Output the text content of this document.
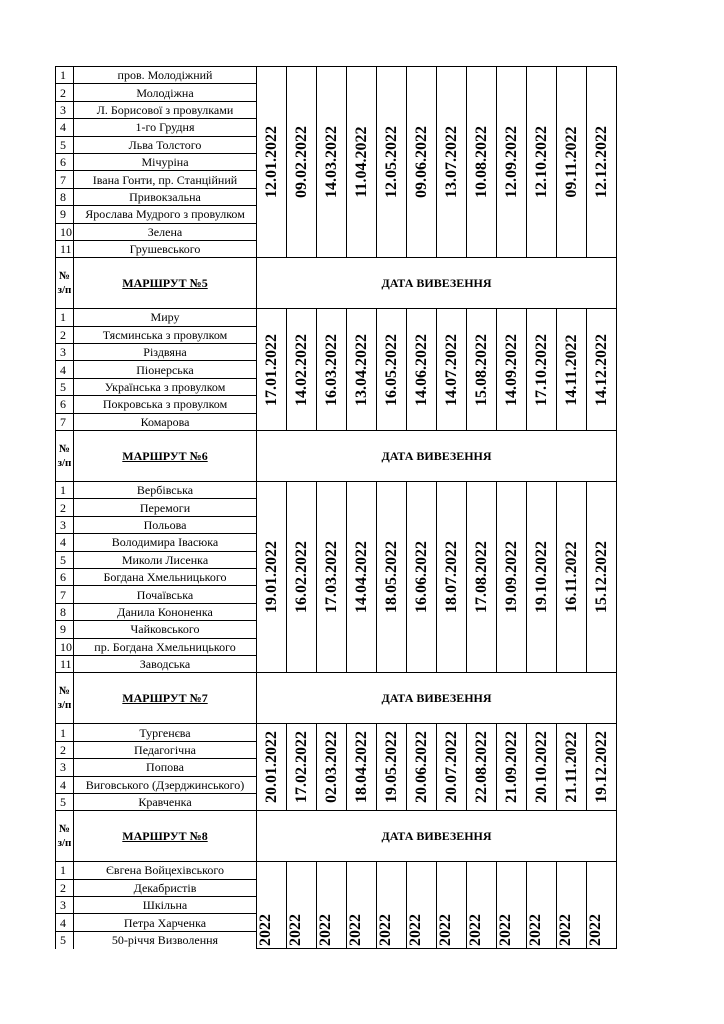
1	пров. Молодіжний	12.01.2022	09.02.2022	14.03.2022	11.04.2022	12.05.2022	09.06.2022	13.07.2022	10.08.2022	12.09.2022	12.10.2022	09.11.2022	12.12.2022

2	Молодіжна												
3	Л. Борисової з провулками												
4	1-го Грудня												
5	Льва Толстого												
6	Мічуріна												
7	Івана Гонти, пр. Станційний												
8	Привокзальна												
9	Ярослава Мудрого з провулком												
10	Зелена												
11	Грушевського												
№ з/п	МАРШРУТ №5	ДАТА ВИВЕЗЕННЯ											
1	Миру	17.01.2022	14.02.2022	16.03.2022	13.04.2022	16.05.2022	14.06.2022	14.07.2022	15.08.2022	14.09.2022	17.10.2022	14.11.2022	14.12.2022

2	Тясминська з провулком												
3	Різдвяна												
4	Піонерська												
5	Українська з провулком												
6	Покровська з провулком												
7	Комарова												
№ з/п	МАРШРУТ №6	ДАТА ВИВЕЗЕННЯ											
1	Вербівська	19.01.2022	16.02.2022	17.03.2022	14.04.2022	18.05.2022	16.06.2022	18.07.2022	17.08.2022	19.09.2022	19.10.2022	16.11.2022	15.12.2022

2	Перемоги												
3	Польова												
4	Володимира Івасюка												
5	Миколи Лисенка												
6	Богдана Хмельницького												
7	Почаївська												
8	Данила Кононенка												
9	Чайковського												
10	пр. Богдана Хмельницького												
11	Заводська												
№ з/п	МАРШРУТ №7	ДАТА ВИВЕЗЕННЯ											
1	Тургенєва	20.01.2022	17.02.2022	02.03.2022	18.04.2022	19.05.2022	20.06.2022	20.07.2022	22.08.2022	21.09.2022	20.10.2022	21.11.2022	19.12.2022

2	Педагогічна												
3	Попова												
4	Виговського (Дзерджинського)												
5	Кравченка												
№ з/п	МАРШРУТ №8	ДАТА ВИВЕЗЕННЯ											
1	Євгена Войцехівського	2022	2022	2022	2022	2022	2022	2022	2022	2022	2022	2022	2022

2	Декабристів												
3	Шкільна												
4	Петра Харченка												
5	50-річчя Визволення												
